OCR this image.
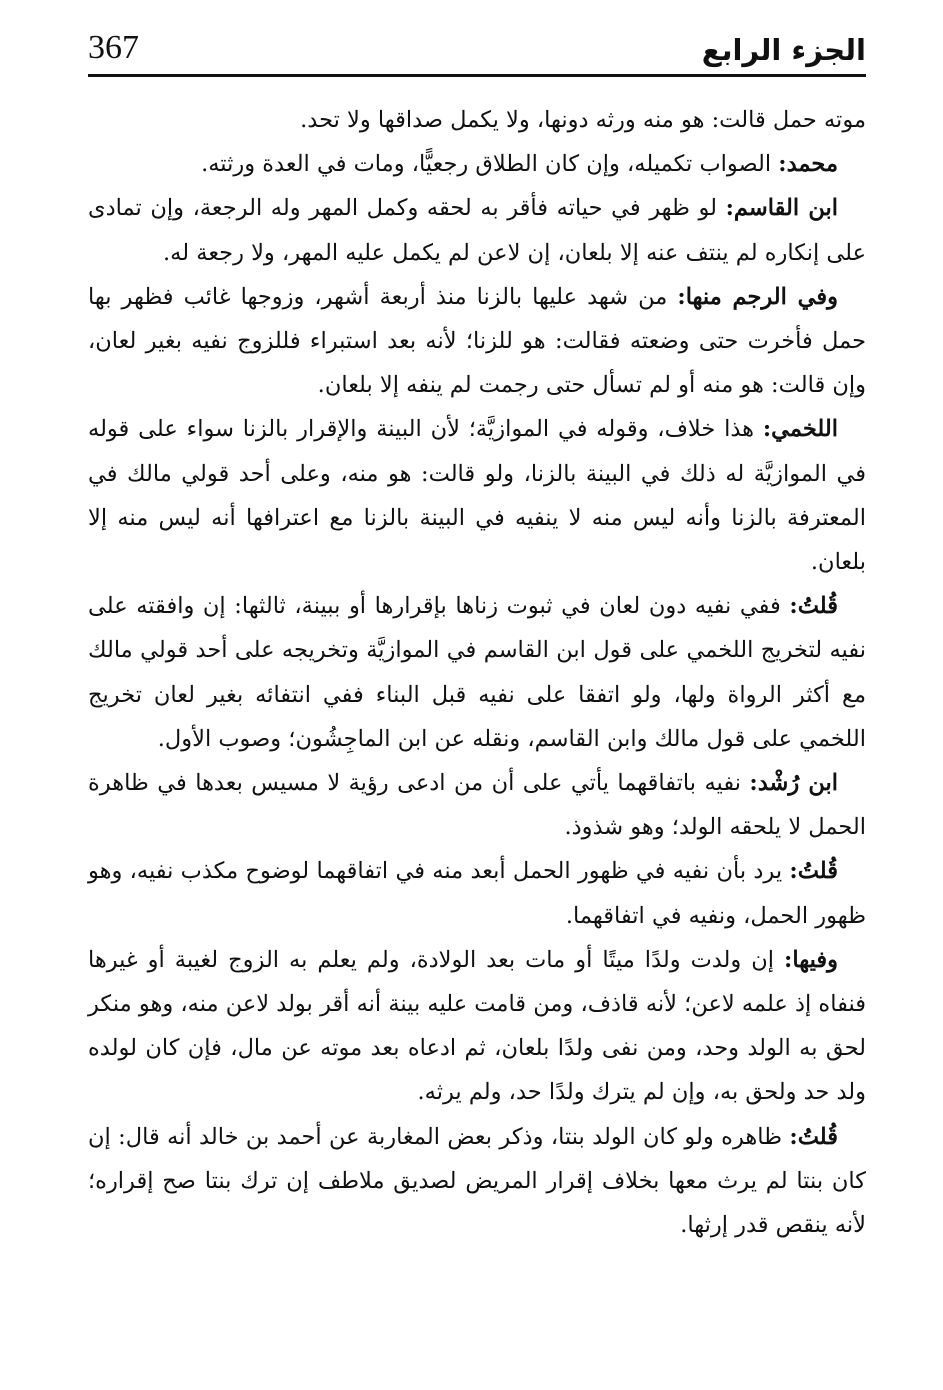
367	الجزء الرابع

موته حمل قالت: هو منه ورثه دونها، ولا يكمل صداقها ولا تحد.

محمد: الصواب تكميله، وإن كان الطلاق رجعيًّا، ومات في العدة ورثته.

ابن القاسم: لو ظهر في حياته فأقر به لحقه وكمل المهر وله الرجعة، وإن تمادى على إنكاره لم ينتف عنه إلا بلعان، إن لاعن لم يكمل عليه المهر، ولا رجعة له.

وفي الرجم منها: من شهد عليها بالزنا منذ أربعة أشهر، وزوجها غائب فظهر بها حمل فأخرت حتى وضعته فقالت: هو للزنا؛ لأنه بعد استبراء فللزوج نفيه بغير لعان، وإن قالت: هو منه أو لم تسأل حتى رجمت لم ينفه إلا بلعان.

اللخمي: هذا خلاف، وقوله في الموازيَّة؛ لأن البينة والإقرار بالزنا سواء على قوله في الموازيَّة له ذلك في البينة بالزنا، ولو قالت: هو منه، وعلى أحد قولي مالك في المعترفة بالزنا وأنه ليس منه لا ينفيه في البينة بالزنا مع اعترافها أنه ليس منه إلا بلعان.

قُلتُ: ففي نفيه دون لعان في ثبوت زناها بإقرارها أو ببينة، ثالثها: إن وافقته على نفيه لتخريج اللخمي على قول ابن القاسم في الموازيَّة وتخريجه على أحد قولي مالك مع أكثر الرواة ولها، ولو اتفقا على نفيه قبل البناء ففي انتفائه بغير لعان تخريج اللخمي على قول مالك وابن القاسم، ونقله عن ابن الماجِشُون؛ وصوب الأول.

ابن رُشْد: نفيه باتفاقهما يأتي على أن من ادعى رؤية لا مسيس بعدها في ظاهرة الحمل لا يلحقه الولد؛ وهو شذوذ.

قُلتُ: يرد بأن نفيه في ظهور الحمل أبعد منه في اتفاقهما لوضوح مكذب نفيه، وهو ظهور الحمل، ونفيه في اتفاقهما.

وفيها: إن ولدت ولدًا ميتًا أو مات بعد الولادة، ولم يعلم به الزوج لغيبة أو غيرها فنفاه إذ علمه لاعن؛ لأنه قاذف، ومن قامت عليه بينة أنه أقر بولد لاعن منه، وهو منكر لحق به الولد وحد، ومن نفى ولدًا بلعان، ثم ادعاه بعد موته عن مال، فإن كان لولده ولد حد ولحق به، وإن لم يترك ولدًا حد، ولم يرثه.

قُلتُ: ظاهره ولو كان الولد بنتا، وذكر بعض المغاربة عن أحمد بن خالد أنه قال: إن كان بنتا لم يرث معها بخلاف إقرار المريض لصديق ملاطف إن ترك بنتا صح إقراره؛ لأنه ينقص قدر إرثها.
